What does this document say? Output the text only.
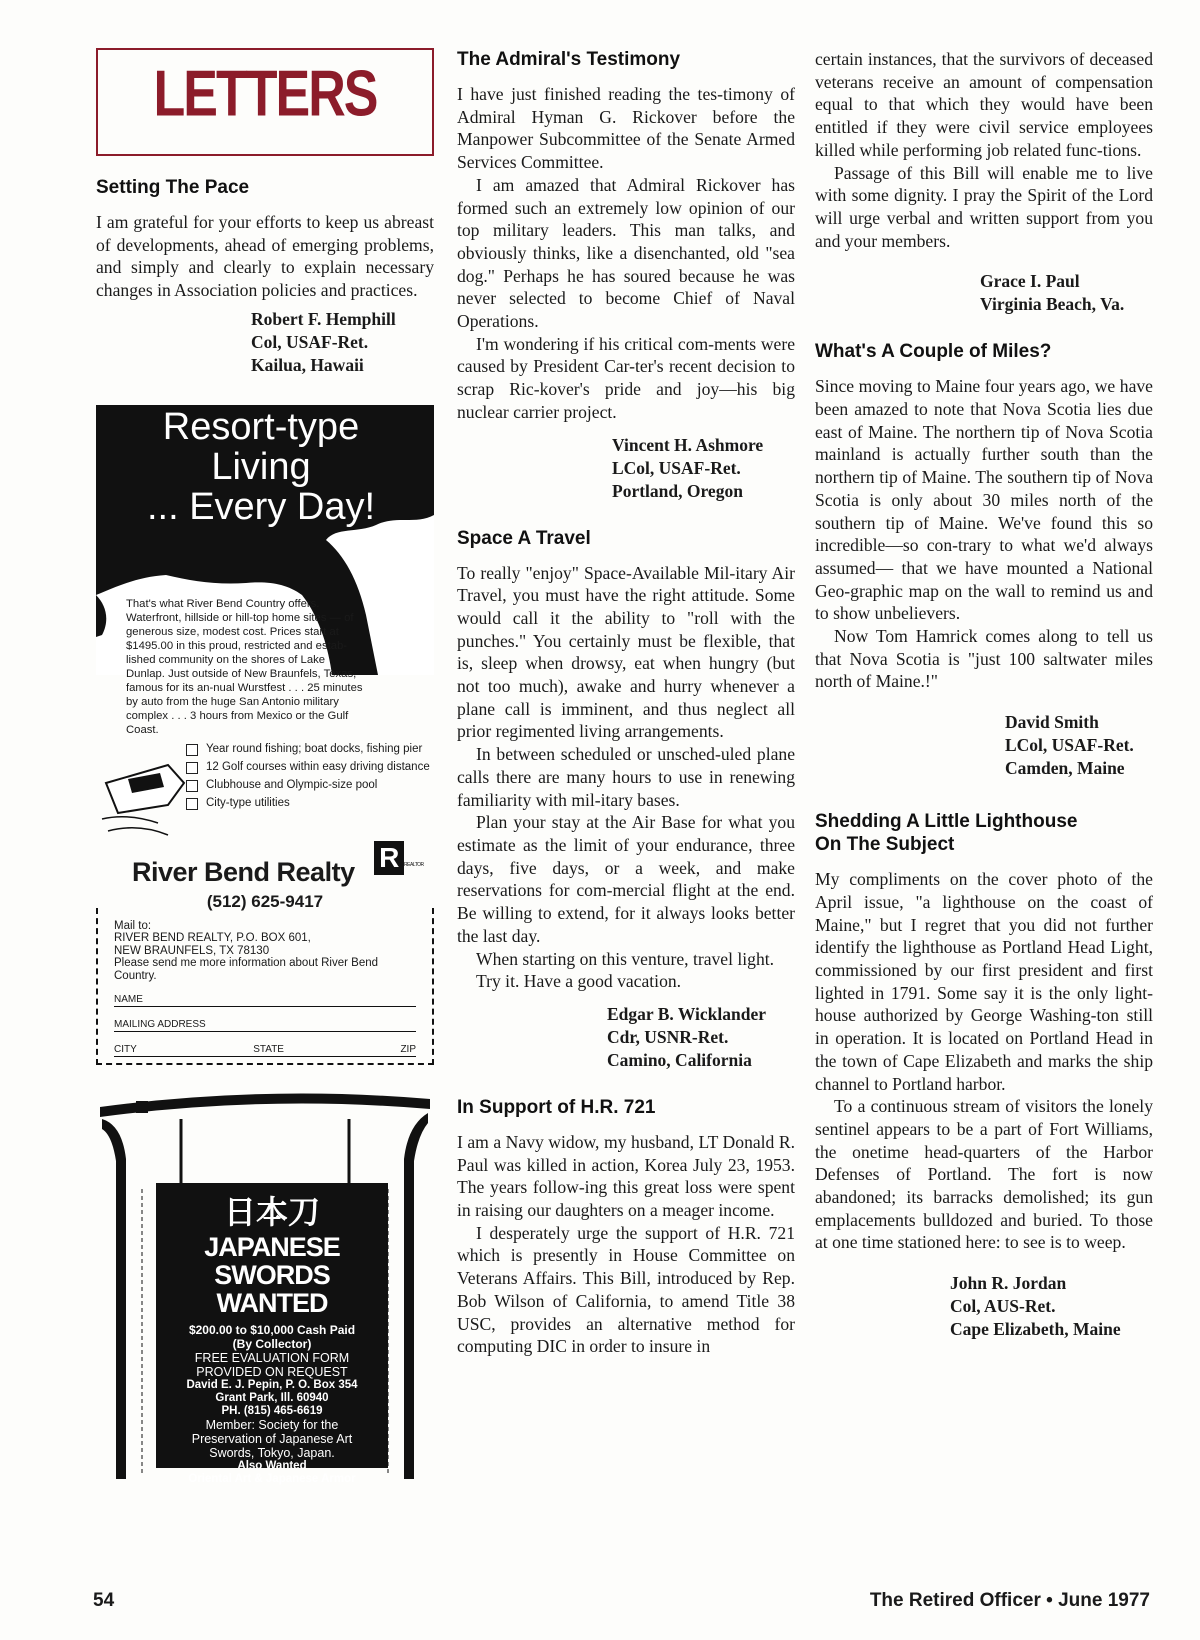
LETTERS
Setting The Pace

I am grateful for your efforts to keep us abreast of developments, ahead of emerging problems, and simply and clearly to explain necessary changes in Association policies and practices.

Robert F. Hemphill
Col, USAF-Ret.
Kailua, Hawaii
Resort-type
Living
... Every Day!
That's what River Bend Country offers. Waterfront, hillside or hill-top home sites — of generous size, modest cost. Prices start at $1495.00 in this proud, restricted and estab-lished community on the shores of Lake Dunlap. Just outside of New Braunfels, Texas, famous for its an-nual Wurstfest . . . 25 minutes by auto from the huge San Antonio military complex . . . 3 hours from Mexico or the Gulf Coast.
Year round fishing; boat docks, fishing pier
12 Golf courses within easy driving distance
Clubhouse and Olympic-size pool
City-type utilities
River Bend Realty R REALTOR
(512) 625-9417
Mail to:
RIVER BEND REALTY, P.O. BOX 601,
NEW BRAUNFELS, TX 78130
Please send me more information about River Bend Country.
NAME
MAILING ADDRESS
CITY	STATE	ZIP
日本刀
JAPANESE
SWORDS WANTED
$200.00 to $10,000 Cash Paid
(By Collector)
FREE EVALUATION FORM
PROVIDED ON REQUEST
David E. J. Pepin, P. O. Box 354
Grant Park, Ill. 60940
PH. (815) 465-6619
Member: Society for the
Preservation of Japanese Art
Swords, Tokyo, Japan.
Also Wanted
Oriental Art & Japanese Armor
The Admiral's Testimony

I have just finished reading the tes-timony of Admiral Hyman G. Rickover before the Manpower Subcommittee of the Senate Armed Services Committee.

I am amazed that Admiral Rickover has formed such an extremely low opinion of our top military leaders. This man talks, and obviously thinks, like a disenchanted, old "sea dog." Perhaps he has soured because he was never selected to become Chief of Naval Operations.

I'm wondering if his critical com-ments were caused by President Car-ter's recent decision to scrap Ric-kover's pride and joy—his big nuclear carrier project.

Vincent H. Ashmore
LCol, USAF-Ret.
Portland, Oregon
Space A Travel

To really "enjoy" Space-Available Mil-itary Air Travel, you must have the right attitude. Some would call it the ability to "roll with the punches." You certainly must be flexible, that is, sleep when drowsy, eat when hungry (but not too much), awake and hurry whenever a plane call is imminent, and thus neglect all prior regimented living arrangements.

In between scheduled or unsched-uled plane calls there are many hours to use in renewing familiarity with mil-itary bases.

Plan your stay at the Air Base for what you estimate as the limit of your endurance, three days, five days, or a week, and make reservations for com-mercial flight at the end. Be willing to extend, for it always looks better the last day.

When starting on this venture, travel light.

Try it. Have a good vacation.

Edgar B. Wicklander
Cdr, USNR-Ret.
Camino, California
In Support of H.R. 721

I am a Navy widow, my husband, LT Donald R. Paul was killed in action, Korea July 23, 1953. The years follow-ing this great loss were spent in raising our daughters on a meager income.

I desperately urge the support of H.R. 721 which is presently in House Committee on Veterans Affairs. This Bill, introduced by Rep. Bob Wilson of California, to amend Title 38 USC, provides an alternative method for computing DIC in order to insure in

certain instances, that the survivors of deceased veterans receive an amount of compensation equal to that which they would have been entitled if they were civil service employees killed while performing job related func-tions.

Passage of this Bill will enable me to live with some dignity. I pray the Spirit of the Lord will urge verbal and written support from you and your members.

Grace I. Paul
Virginia Beach, Va.
What's A Couple of Miles?

Since moving to Maine four years ago, we have been amazed to note that Nova Scotia lies due east of Maine. The northern tip of Nova Scotia mainland is actually further south than the northern tip of Maine. The southern tip of Nova Scotia is only about 30 miles north of the southern tip of Maine. We've found this so incredible—so con-trary to what we'd always assumed— that we have mounted a National Geo-graphic map on the wall to remind us and to show unbelievers.

Now Tom Hamrick comes along to tell us that Nova Scotia is "just 100 saltwater miles north of Maine.!"

David Smith
LCol, USAF-Ret.
Camden, Maine
Shedding A Little Lighthouse
On The Subject

My compliments on the cover photo of the April issue, "a lighthouse on the coast of Maine," but I regret that you did not further identify the lighthouse as Portland Head Light, commissioned by our first president and first lighted in 1791. Some say it is the only light-house authorized by George Washing-ton still in operation. It is located on Portland Head in the town of Cape Elizabeth and marks the ship channel to Portland harbor.

To a continuous stream of visitors the lonely sentinel appears to be a part of Fort Williams, the onetime head-quarters of the Harbor Defenses of Portland. The fort is now abandoned; its barracks demolished; its gun emplacements bulldozed and buried. To those at one time stationed here: to see is to weep.

John R. Jordan
Col, AUS-Ret.
Cape Elizabeth, Maine
54	The Retired Officer • June 1977
